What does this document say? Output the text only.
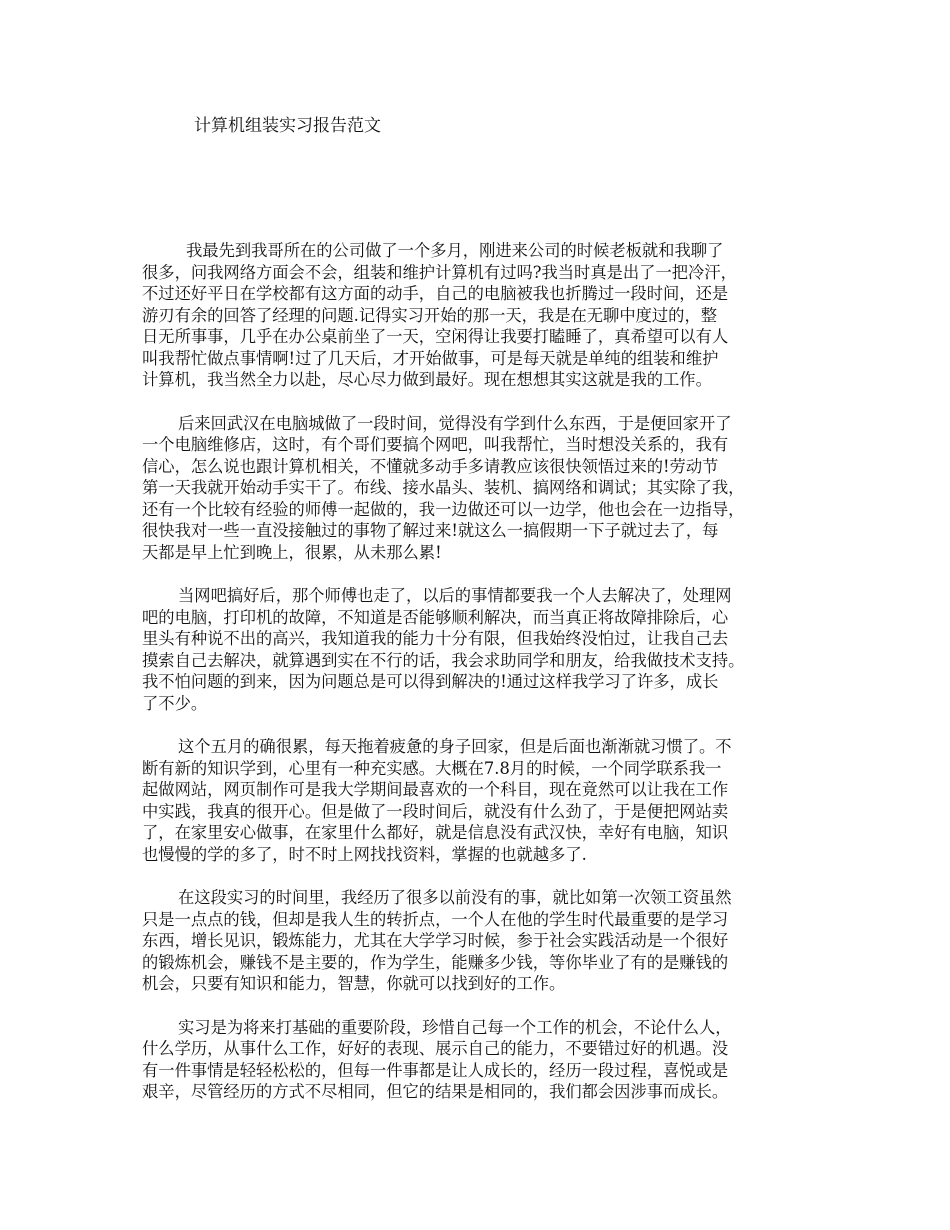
计算机组装实习报告范文
我最先到我哥所在的公司做了一个多月，刚进来公司的时候老板就和我聊了
很多，问我网络方面会不会，组装和维护计算机有过吗?我当时真是出了一把冷汗，
不过还好平日在学校都有这方面的动手，自己的电脑被我也折腾过一段时间，还是
游刃有余的回答了经理的问题.记得实习开始的那一天，我是在无聊中度过的，整
日无所事事，几乎在办公桌前坐了一天，空闲得让我要打瞌睡了，真希望可以有人
叫我帮忙做点事情啊!过了几天后，才开始做事，可是每天就是单纯的组装和维护
计算机，我当然全力以赴，尽心尽力做到最好。现在想想其实这就是我的工作。
后来回武汉在电脑城做了一段时间，觉得没有学到什么东西，于是便回家开了
一个电脑维修店，这时，有个哥们要搞个网吧，叫我帮忙，当时想没关系的，我有
信心，怎么说也跟计算机相关，不懂就多动手多请教应该很快领悟过来的!劳动节
第一天我就开始动手实干了。布线、接水晶头、装机、搞网络和调试；其实除了我，
还有一个比较有经验的师傅一起做的，我一边做还可以一边学，他也会在一边指导，
很快我对一些一直没接触过的事物了解过来!就这么一搞假期一下子就过去了，每
天都是早上忙到晚上，很累，从未那么累!
当网吧搞好后，那个师傅也走了，以后的事情都要我一个人去解决了，处理网
吧的电脑，打印机的故障，不知道是否能够顺利解决，而当真正将故障排除后，心
里头有种说不出的高兴，我知道我的能力十分有限，但我始终没怕过，让我自己去
摸索自己去解决，就算遇到实在不行的话，我会求助同学和朋友，给我做技术支持。
我不怕问题的到来，因为问题总是可以得到解决的!通过这样我学习了许多，成长
了不少。
这个五月的确很累，每天拖着疲惫的身子回家，但是后面也渐渐就习惯了。不
断有新的知识学到，心里有一种充实感。大概在7.8月的时候，一个同学联系我一
起做网站，网页制作可是我大学期间最喜欢的一个科目，现在竟然可以让我在工作
中实践，我真的很开心。但是做了一段时间后，就没有什么劲了，于是便把网站卖
了，在家里安心做事，在家里什么都好，就是信息没有武汉快，幸好有电脑，知识
也慢慢的学的多了，时不时上网找找资料，掌握的也就越多了.
在这段实习的时间里，我经历了很多以前没有的事，就比如第一次领工资虽然
只是一点点的钱，但却是我人生的转折点，一个人在他的学生时代最重要的是学习
东西，增长见识，锻炼能力，尤其在大学学习时候，参于社会实践活动是一个很好
的锻炼机会，赚钱不是主要的，作为学生，能赚多少钱，等你毕业了有的是赚钱的
机会，只要有知识和能力，智慧，你就可以找到好的工作。
实习是为将来打基础的重要阶段，珍惜自己每一个工作的机会，不论什么人，
什么学历，从事什么工作，好好的表现、展示自己的能力，不要错过好的机遇。没
有一件事情是轻轻松松的，但每一件事都是让人成长的，经历一段过程，喜悦或是
艰辛，尽管经历的方式不尽相同，但它的结果是相同的，我们都会因涉事而成长。
